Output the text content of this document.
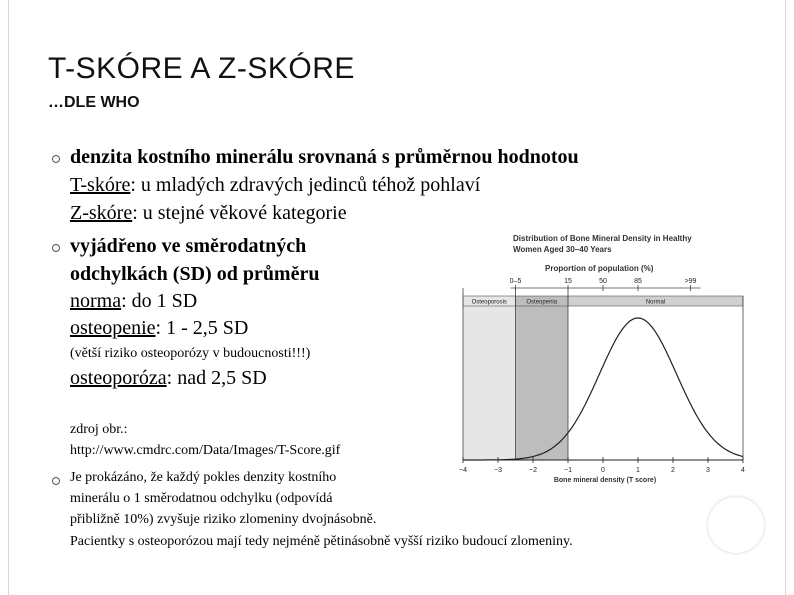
T-SKÓRE A Z-SKÓRE
…DLE WHO
denzita kostního minerálu srovnaná s průměrnou hodnotou
T-skóre: u mladých zdravých jedinců téhož pohlaví
Z-skóre: u stejné věkové kategorie
vyjádřeno ve směrodatných
odchylkách (SD) od průměru
norma: do 1 SD
osteopenie: 1 - 2,5 SD
(větší riziko osteoporózy v budoucnosti!!!)
osteoporóza: nad 2,5 SD
zdroj obr.:
http://www.cmdrc.com/Data/Images/T-Score.gif
Je prokázáno, že každý pokles denzity kostního
minerálu o 1 směrodatnou odchylku (odpovídá
přibližně 10%) zvyšuje riziko zlomeniny dvojnásobně.
Pacientky s osteoporózou mají tedy nejméně pětinásobně vyšší riziko budoucí zlomeniny.
Distribution of Bone Mineral Density in Healthy
Women Aged 30–40 Years
Proportion of population (%)
Osteoporosis	Osteopenia	Normal
−4	−3	−2	−1	0	1	2	3	4
0–5	15	50	85	>99
Bone mineral density (T score)
